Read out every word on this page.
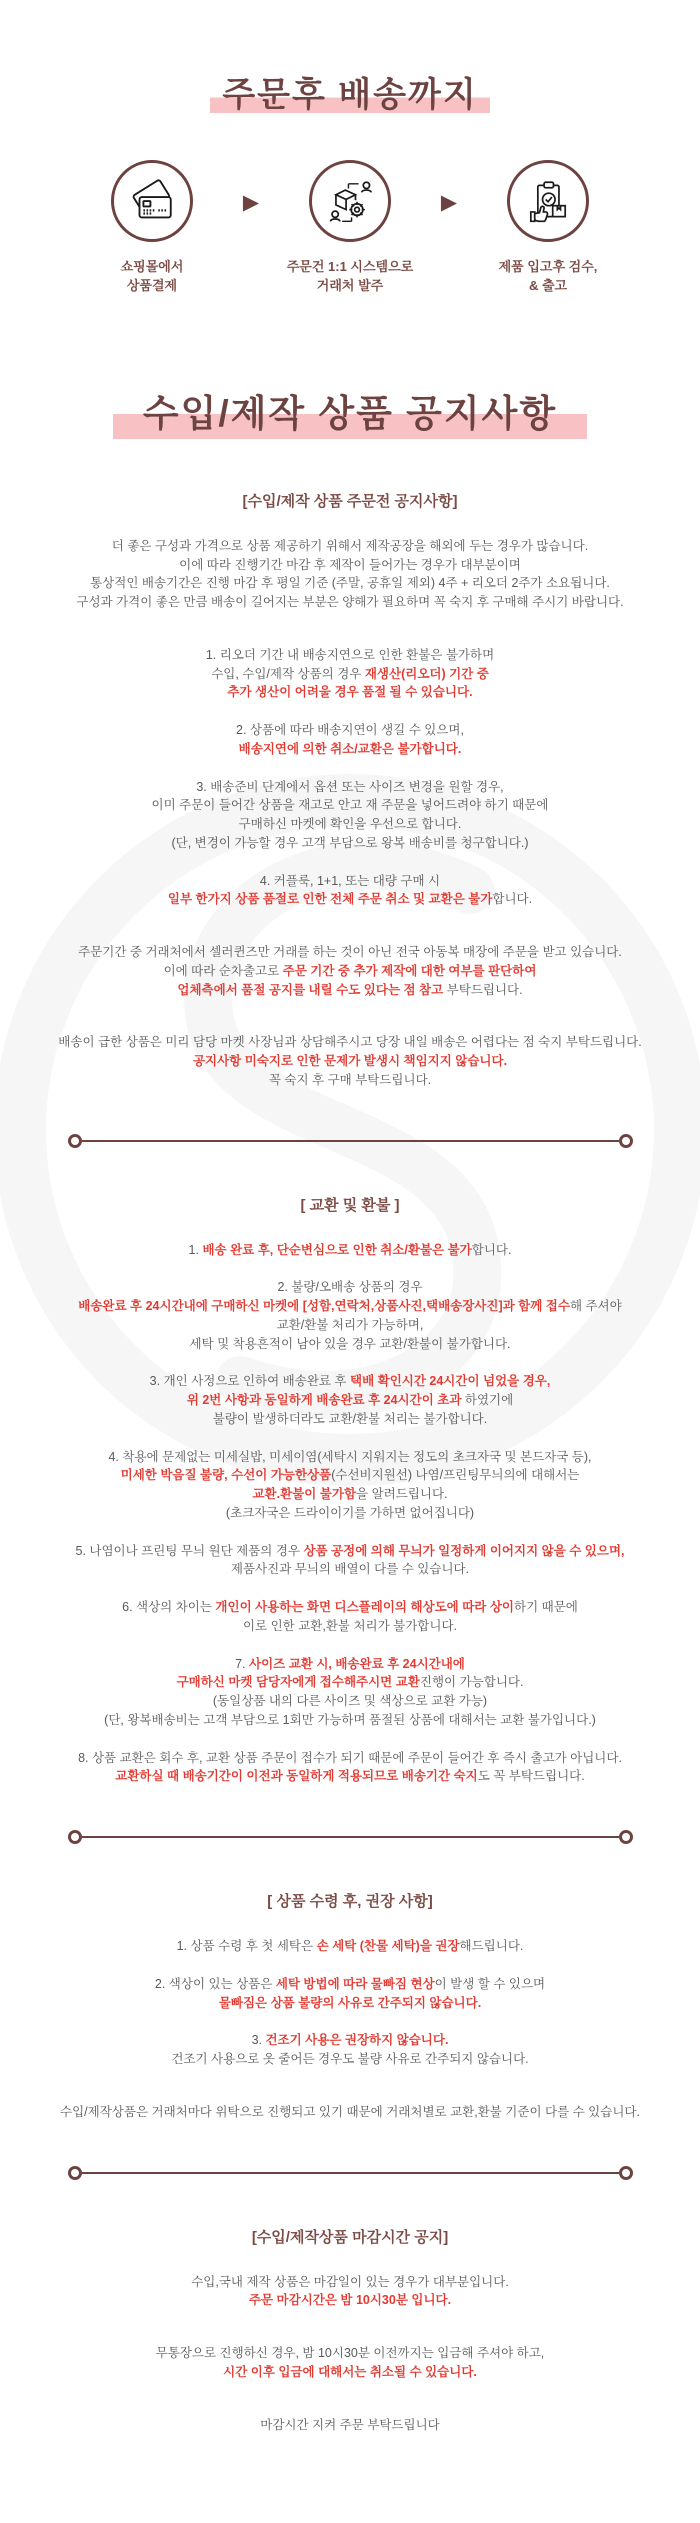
주문후 배송까지
쇼핑몰에서
상품결제
▶
주문건 1:1 시스템으로
거래처 발주
▶
제품 입고후 검수,
& 출고
수입/제작 상품 공지사항
[수입/제작 상품 주문전 공지사항]

더 좋은 구성과 가격으로 상품 제공하기 위해서 제작공장을 해외에 두는 경우가 많습니다.
이에 따라 진행기간 마감 후 제작이 들어가는 경우가 대부분이며
통상적인 배송기간은 진행 마감 후 평일 기준 (주말, 공휴일 제외) 4주 + 리오더 2주가 소요됩니다.
구성과 가격이 좋은 만큼 배송이 길어지는 부분은 양해가 필요하며 꼭 숙지 후 구매해 주시기 바랍니다.

1. 리오더 기간 내 배송지연으로 인한 환불은 불가하며
수입, 수입/제작 상품의 경우 재생산(리오더) 기간 중
추가 생산이 어려울 경우 품절 될 수 있습니다.

2. 상품에 따라 배송지연이 생길 수 있으며,
배송지연에 의한 취소/교환은 불가합니다.

3. 배송준비 단계에서 옵션 또는 사이즈 변경을 원할 경우,
이미 주문이 들어간 상품을 재고로 안고 재 주문을 넣어드려야 하기 때문에
구매하신 마켓에 확인을 우선으로 합니다.
(단, 변경이 가능할 경우 고객 부담으로 왕복 배송비를 청구합니다.)

4. 커플룩, 1+1, 또는 대량 구매 시
일부 한가지 상품 품절로 인한 전체 주문 취소 및 교환은 불가합니다.

주문기간 중 거래처에서 셀러퀸즈만 거래를 하는 것이 아닌 전국 아동복 매장에 주문을 받고 있습니다.
이에 따라 순차출고로 주문 기간 중 추가 제작에 대한 여부를 판단하여
업체측에서 품절 공지를 내릴 수도 있다는 점 참고 부탁드립니다.

배송이 급한 상품은 미리 담당 마켓 사장님과 상담해주시고 당장 내일 배송은 어렵다는 점 숙지 부탁드립니다.
공지사항 미숙지로 인한 문제가 발생시 책임지지 않습니다.
꼭 숙지 후 구매 부탁드립니다.

[ 교환 및 환불 ]

1. 배송 완료 후, 단순변심으로 인한 취소/환불은 불가합니다.

2. 불량/오배송 상품의 경우
배송완료 후 24시간내에 구매하신 마켓에 [성함,연락처,상품사진,택배송장사진]과 함께 접수해 주셔야
교환/환불 처리가 가능하며,
세탁 및 착용흔적이 남아 있을 경우 교환/환불이 불가합니다.

3. 개인 사정으로 인하여 배송완료 후 택배 확인시간 24시간이 넘었을 경우,
위 2번 사항과 동일하게 배송완료 후 24시간이 초과 하였기에
불량이 발생하더라도 교환/환불 처리는 불가합니다.

4. 착용에 문제없는 미세실밥, 미세이염(세탁시 지워지는 정도의 초크자국 및 본드자국 등),
미세한 박음질 불량, 수선이 가능한상품(수선비지원선) 나염/프린팅무늬의에 대해서는
교환.환불이 불가함을 알려드립니다.
(초크자국은 드라이이기를 가하면 없어집니다)

5. 나염이나 프린팅 무늬 원단 제품의 경우 상품 공정에 의해 무늬가 일정하게 이어지지 않을 수 있으며,
제품사진과 무늬의 배열이 다를 수 있습니다.

6. 색상의 차이는 개인이 사용하는 화면 디스플레이의 해상도에 따라 상이하기 때문에
이로 인한 교환,환불 처리가 불가합니다.

7. 사이즈 교환 시, 배송완료 후 24시간내에
구매하신 마켓 담당자에게 접수해주시면 교환진행이 가능합니다.
(동일상품 내의 다른 사이즈 및 색상으로 교환 가능)
(단, 왕복배송비는 고객 부담으로 1회만 가능하며 품절된 상품에 대해서는 교환 불가입니다.)

8. 상품 교환은 회수 후, 교환 상품 주문이 접수가 되기 때문에 주문이 들어간 후 즉시 출고가 아닙니다.
교환하실 때 배송기간이 이전과 동일하게 적용되므로 배송기간 숙지도 꼭 부탁드립니다.

[ 상품 수령 후, 권장 사항]

1. 상품 수령 후 첫 세탁은 손 세탁 (찬물 세탁)을 권장해드립니다.

2. 색상이 있는 상품은 세탁 방법에 따라 물빠짐 현상이 발생 할 수 있으며
물빠짐은 상품 불량의 사유로 간주되지 않습니다.

3. 건조기 사용은 권장하지 않습니다.
건조기 사용으로 옷 줄어든 경우도 불량 사유로 간주되지 않습니다.

수입/제작상품은 거래처마다 위탁으로 진행되고 있기 때문에 거래처별로 교환,환불 기준이 다를 수 있습니다.

[수입/제작상품 마감시간 공지]

수입,국내 제작 상품은 마감일이 있는 경우가 대부분입니다.
주문 마감시간은 밤 10시30분 입니다.

무통장으로 진행하신 경우, 밤 10시30분 이전까지는 입금해 주셔야 하고,
시간 이후 입금에 대해서는 취소될 수 있습니다.

마감시간 지켜 주문 부탁드립니다
